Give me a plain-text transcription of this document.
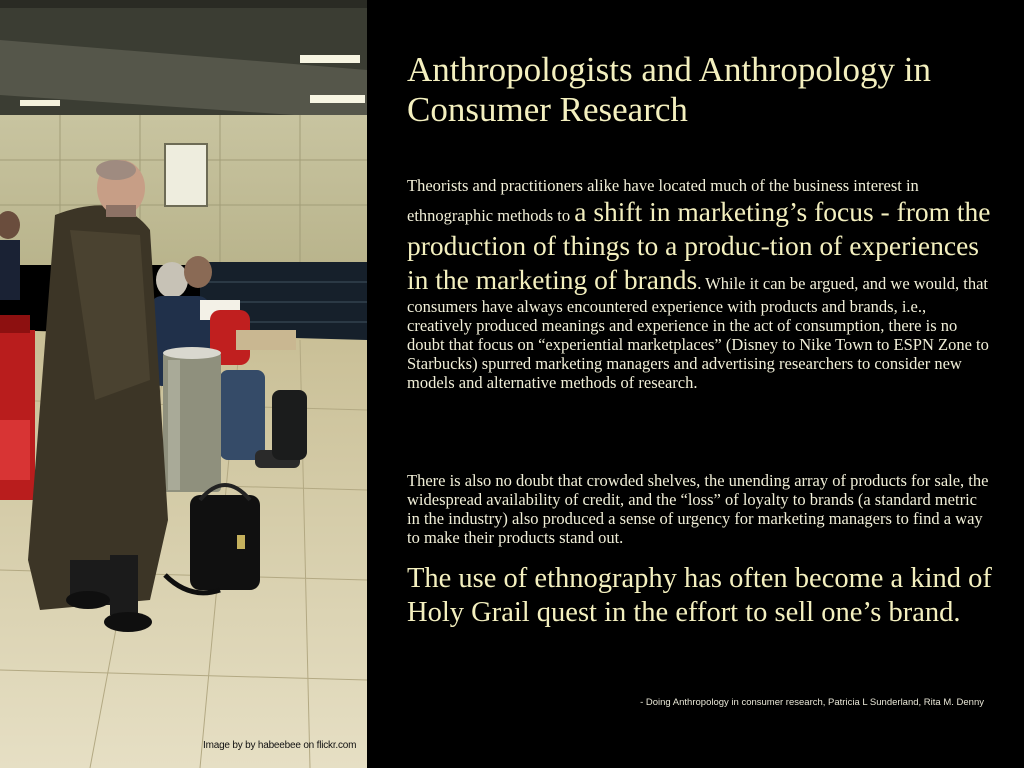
Image by by habeebee on flickr.com
Anthropologists and Anthropology in Consumer Research

Theorists and practitioners alike have located much of the business interest in ethnographic methods to a shift in marketing’s focus - from the production of things to a produc-tion of experiences in the marketing of brands. While it can be argued, and we would, that consumers have always encountered experience with products and brands, i.e., creatively produced meanings and experience in the act of consumption, there is no doubt that focus on “experiential marketplaces” (Disney to Nike Town to ESPN Zone to Starbucks) spurred marketing managers and advertising researchers to consider new models and alternative methods of research.

There is also no doubt that crowded shelves, the unending array of products for sale, the widespread availability of credit, and the “loss” of loyalty to brands (a standard metric in the industry) also produced a sense of urgency for marketing managers to find a way to make their products stand out.

The use of ethnography has often become a kind of Holy Grail quest in the effort to sell one’s brand.

- Doing Anthropology in consumer research, Patricia L Sunderland, Rita M. Denny
